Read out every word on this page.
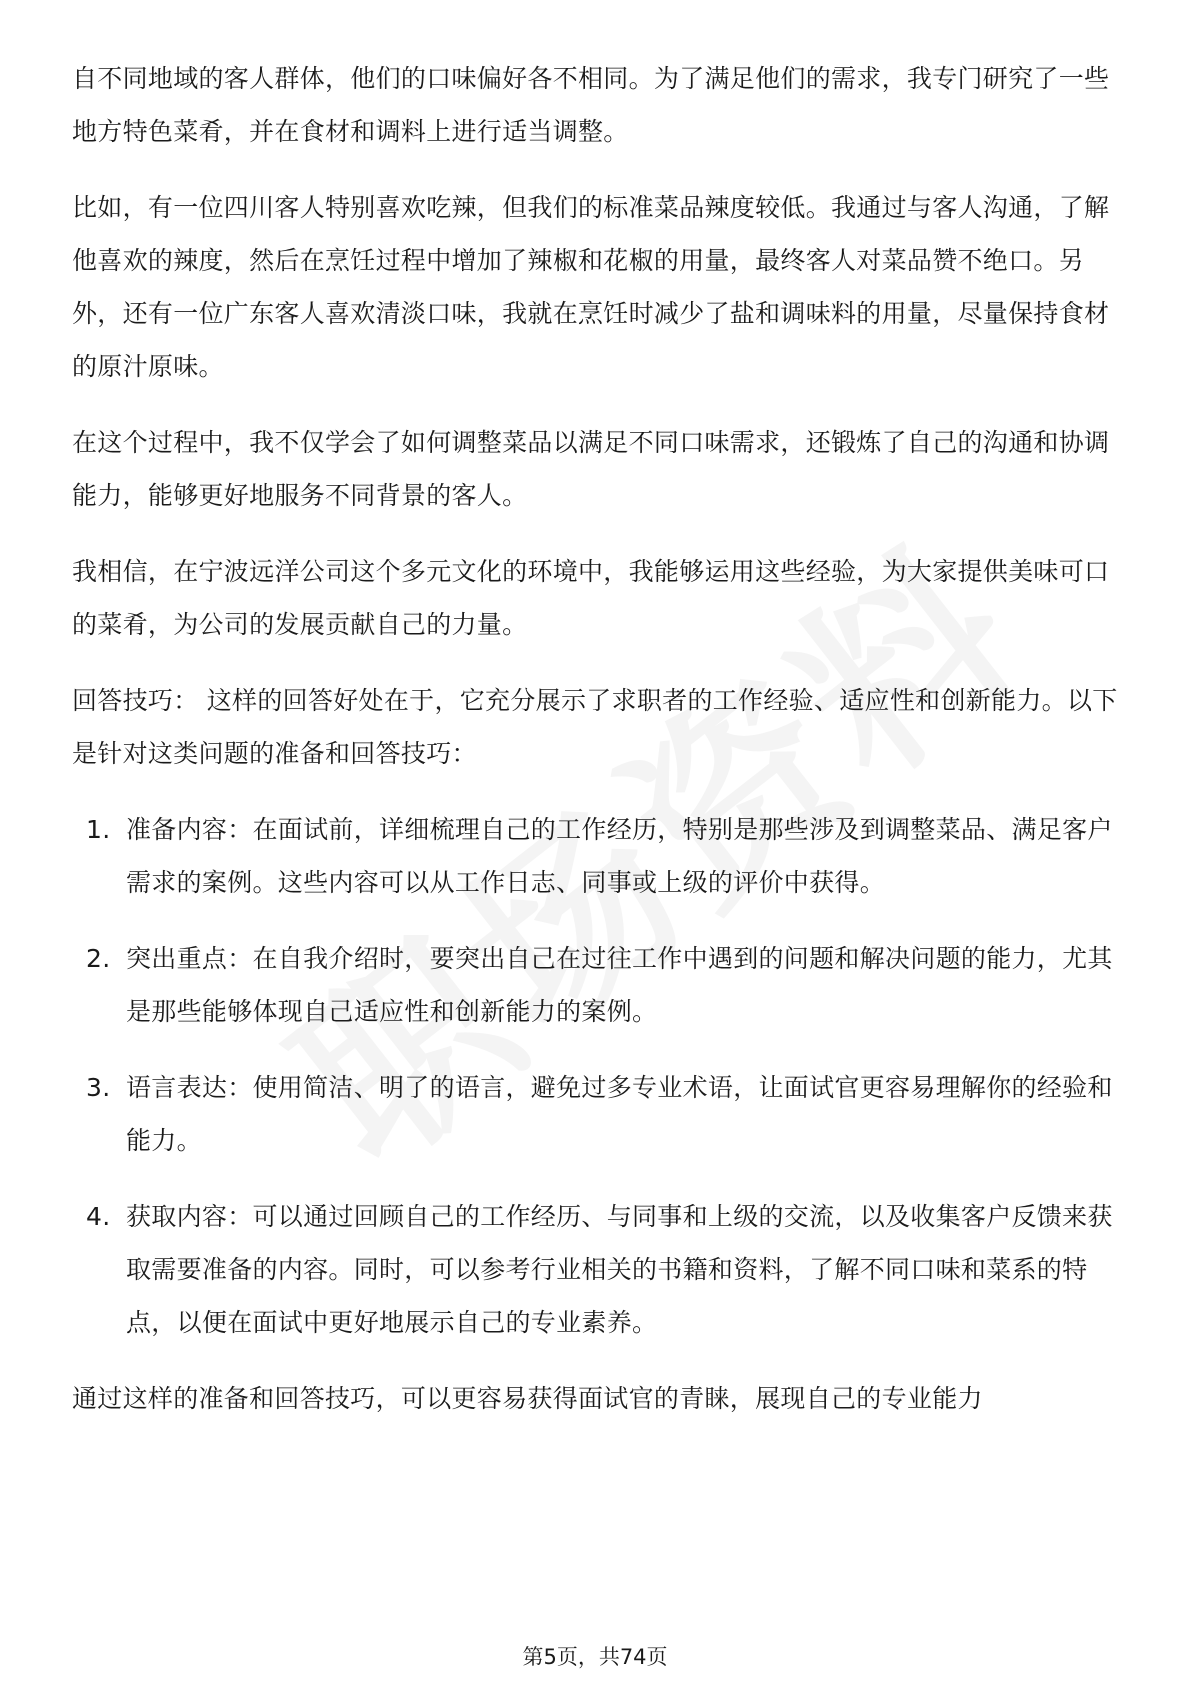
自不同地域的客人群体，他们的口味偏好各不相同。为了满足他们的需求，我专门研究了一些地方特色菜肴，并在食材和调料上进行适当调整。

比如，有一位四川客人特别喜欢吃辣，但我们的标准菜品辣度较低。我通过与客人沟通，了解他喜欢的辣度，然后在烹饪过程中增加了辣椒和花椒的用量，最终客人对菜品赞不绝口。另外，还有一位广东客人喜欢清淡口味，我就在烹饪时减少了盐和调味料的用量，尽量保持食材的原汁原味。

在这个过程中，我不仅学会了如何调整菜品以满足不同口味需求，还锻炼了自己的沟通和协调能力，能够更好地服务不同背景的客人。

我相信，在宁波远洋公司这个多元文化的环境中，我能够运用这些经验，为大家提供美味可口的菜肴，为公司的发展贡献自己的力量。

回答技巧： 这样的回答好处在于，它充分展示了求职者的工作经验、适应性和创新能力。以下是针对这类问题的准备和回答技巧：

1. 准备内容：在面试前，详细梳理自己的工作经历，特别是那些涉及到调整菜品、满足客户需求的案例。这些内容可以从工作日志、同事或上级的评价中获得。
2. 突出重点：在自我介绍时，要突出自己在过往工作中遇到的问题和解决问题的能力，尤其是那些能够体现自己适应性和创新能力的案例。
3. 语言表达：使用简洁、明了的语言，避免过多专业术语，让面试官更容易理解你的经验和能力。
4. 获取内容：可以通过回顾自己的工作经历、与同事和上级的交流，以及收集客户反馈来获取需要准备的内容。同时，可以参考行业相关的书籍和资料，了解不同口味和菜系的特点，以便在面试中更好地展示自己的专业素养。

通过这样的准备和回答技巧，可以更容易获得面试官的青睐，展现自己的专业能力

第5页，共74页
